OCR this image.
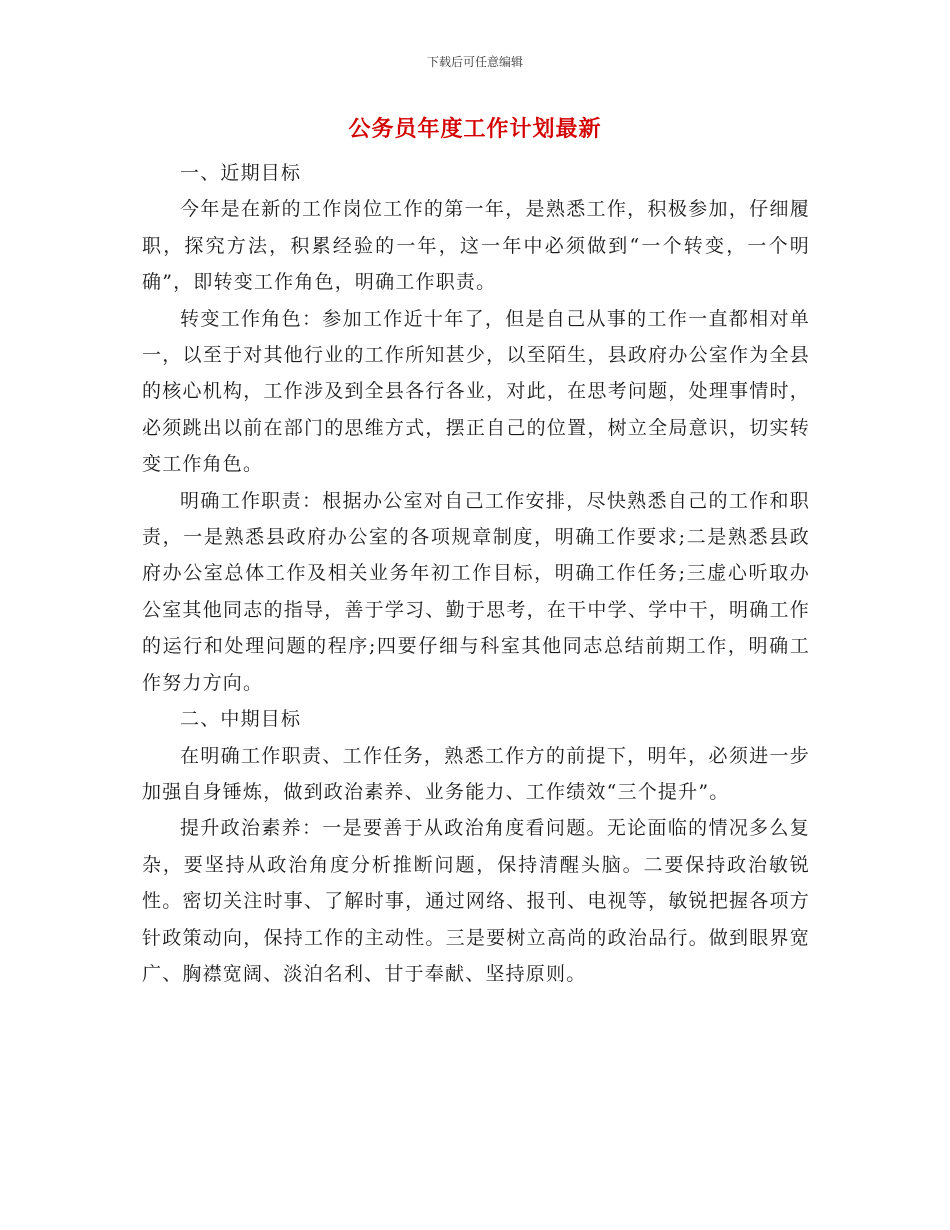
下载后可任意编辑
公务员年度工作计划最新

一、近期目标

今年是在新的工作岗位工作的第一年，是熟悉工作，积极参加，仔细履职，探究方法，积累经验的一年，这一年中必须做到“一个转变，一个明确”，即转变工作角色，明确工作职责。

转变工作角色：参加工作近十年了，但是自己从事的工作一直都相对单一，以至于对其他行业的工作所知甚少，以至陌生，县政府办公室作为全县的核心机构，工作涉及到全县各行各业，对此，在思考问题，处理事情时，必须跳出以前在部门的思维方式，摆正自己的位置，树立全局意识，切实转变工作角色。

明确工作职责：根据办公室对自己工作安排，尽快熟悉自己的工作和职责，一是熟悉县政府办公室的各项规章制度，明确工作要求;二是熟悉县政府办公室总体工作及相关业务年初工作目标，明确工作任务;三虚心听取办公室其他同志的指导，善于学习、勤于思考，在干中学、学中干，明确工作的运行和处理问题的程序;四要仔细与科室其他同志总结前期工作，明确工作努力方向。

二、中期目标

在明确工作职责、工作任务，熟悉工作方的前提下，明年，必须进一步加强自身锤炼，做到政治素养、业务能力、工作绩效“三个提升”。

提升政治素养：一是要善于从政治角度看问题。无论面临的情况多么复杂，要坚持从政治角度分析推断问题，保持清醒头脑。二要保持政治敏锐性。密切关注时事、了解时事，通过网络、报刊、电视等，敏锐把握各项方针政策动向，保持工作的主动性。三是要树立高尚的政治品行。做到眼界宽广、胸襟宽阔、淡泊名利、甘于奉献、坚持原则。
